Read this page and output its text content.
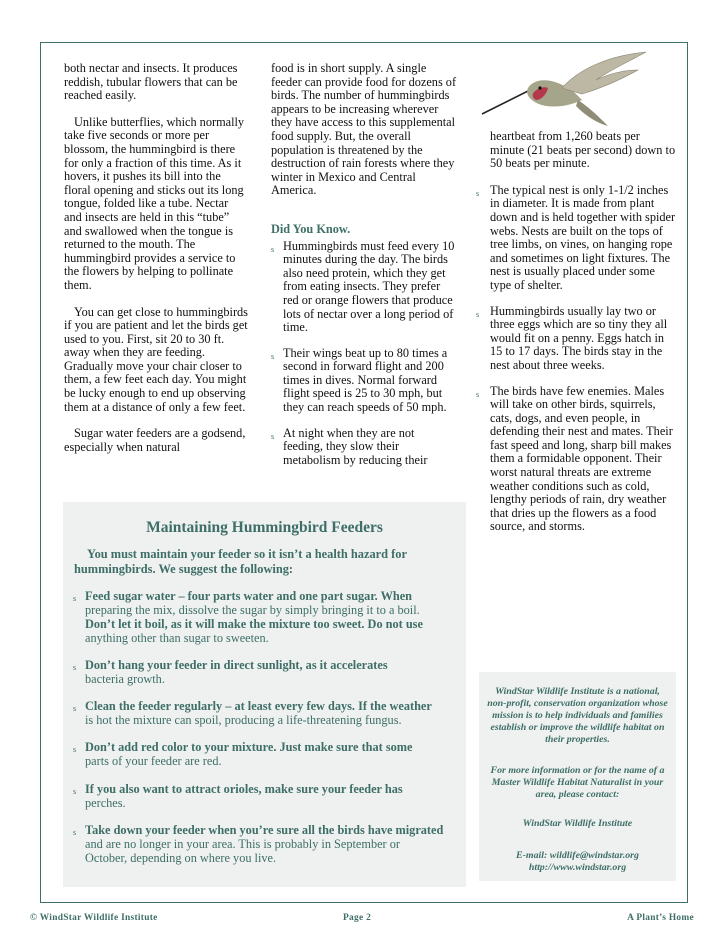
both nectar and insects. It produces reddish, tubular flowers that can be reached easily.

Unlike butterflies, which normally take five seconds or more per blossom, the hummingbird is there for only a fraction of this time. As it hovers, it pushes its bill into the floral opening and sticks out its long tongue, folded like a tube. Nectar and insects are held in this “tube” and swallowed when the tongue is returned to the mouth. The hummingbird provides a service to the flowers by helping to pollinate them.

You can get close to hummingbirds if you are patient and let the birds get used to you. First, sit 20 to 30 ft. away when they are feeding. Gradually move your chair closer to them, a few feet each day. You might be lucky enough to end up observing them at a distance of only a few feet.

Sugar water feeders are a godsend, especially when natural

food is in short supply. A single feeder can provide food for dozens of birds. The number of hummingbirds appears to be increasing wherever they have access to this supplemental food supply. But, the overall population is threatened by the destruction of rain forests where they winter in Mexico and Central America.

Did You Know.
s Hummingbirds must feed every 10 minutes during the day. The birds also need protein, which they get from eating insects. They prefer red or orange flowers that produce lots of nectar over a long period of time.
s Their wings beat up to 80 times a second in forward flight and 200 times in dives. Normal forward flight speed is 25 to 30 mph, but they can reach speeds of 50 mph.
s At night when they are not feeding, they slow their metabolism by reducing their

heartbeat from 1,260 beats per minute (21 beats per second) down to 50 beats per minute.

s The typical nest is only 1-1/2 inches in diameter. It is made from plant down and is held together with spider webs. Nests are built on the tops of tree limbs, on vines, on hanging rope and sometimes on light fixtures. The nest is usually placed under some type of shelter.
s Hummingbirds usually lay two or three eggs which are so tiny they all would fit on a penny. Eggs hatch in 15 to 17 days. The birds stay in the nest about three weeks.
s The birds have few enemies. Males will take on other birds, squirrels, cats, dogs, and even people, in defending their nest and mates. Their fast speed and long, sharp bill makes them a formidable opponent. Their worst natural threats are extreme weather conditions such as cold, lengthy periods of rain, dry weather that dries up the flowers as a food source, and storms.
Maintaining Hummingbird Feeders
You must maintain your feeder so it isn’t a health hazard for hummingbirds. We suggest the following:
s Feed sugar water – four parts water and one part sugar. When
preparing the mix, dissolve the sugar by simply bringing it to a boil.
Don’t let it boil, as it will make the mixture too sweet. Do not use
anything other than sugar to sweeten.
s Don’t hang your feeder in direct sunlight, as it accelerates
bacteria growth.
s Clean the feeder regularly – at least every few days. If the weather
is hot the mixture can spoil, producing a life-threatening fungus.
s Don’t add red color to your mixture. Just make sure that some
parts of your feeder are red.
s If you also want to attract orioles, make sure your feeder has
perches.
s Take down your feeder when you’re sure all the birds have migrated
and are no longer in your area. This is probably in September or October, depending on where you live.
WindStar Wildlife Institute is a national, non-profit, conservation organization whose mission is to help individuals and families establish or improve the wildlife habitat on their properties.
For more information or for the name of a Master Wildlife Habitat Naturalist in your area, please contact:
WindStar Wildlife Institute
E-mail: wildlife@windstar.org
http://www.windstar.org
© WindStar Wildlife Institute	Page 2	A Plant’s Home
